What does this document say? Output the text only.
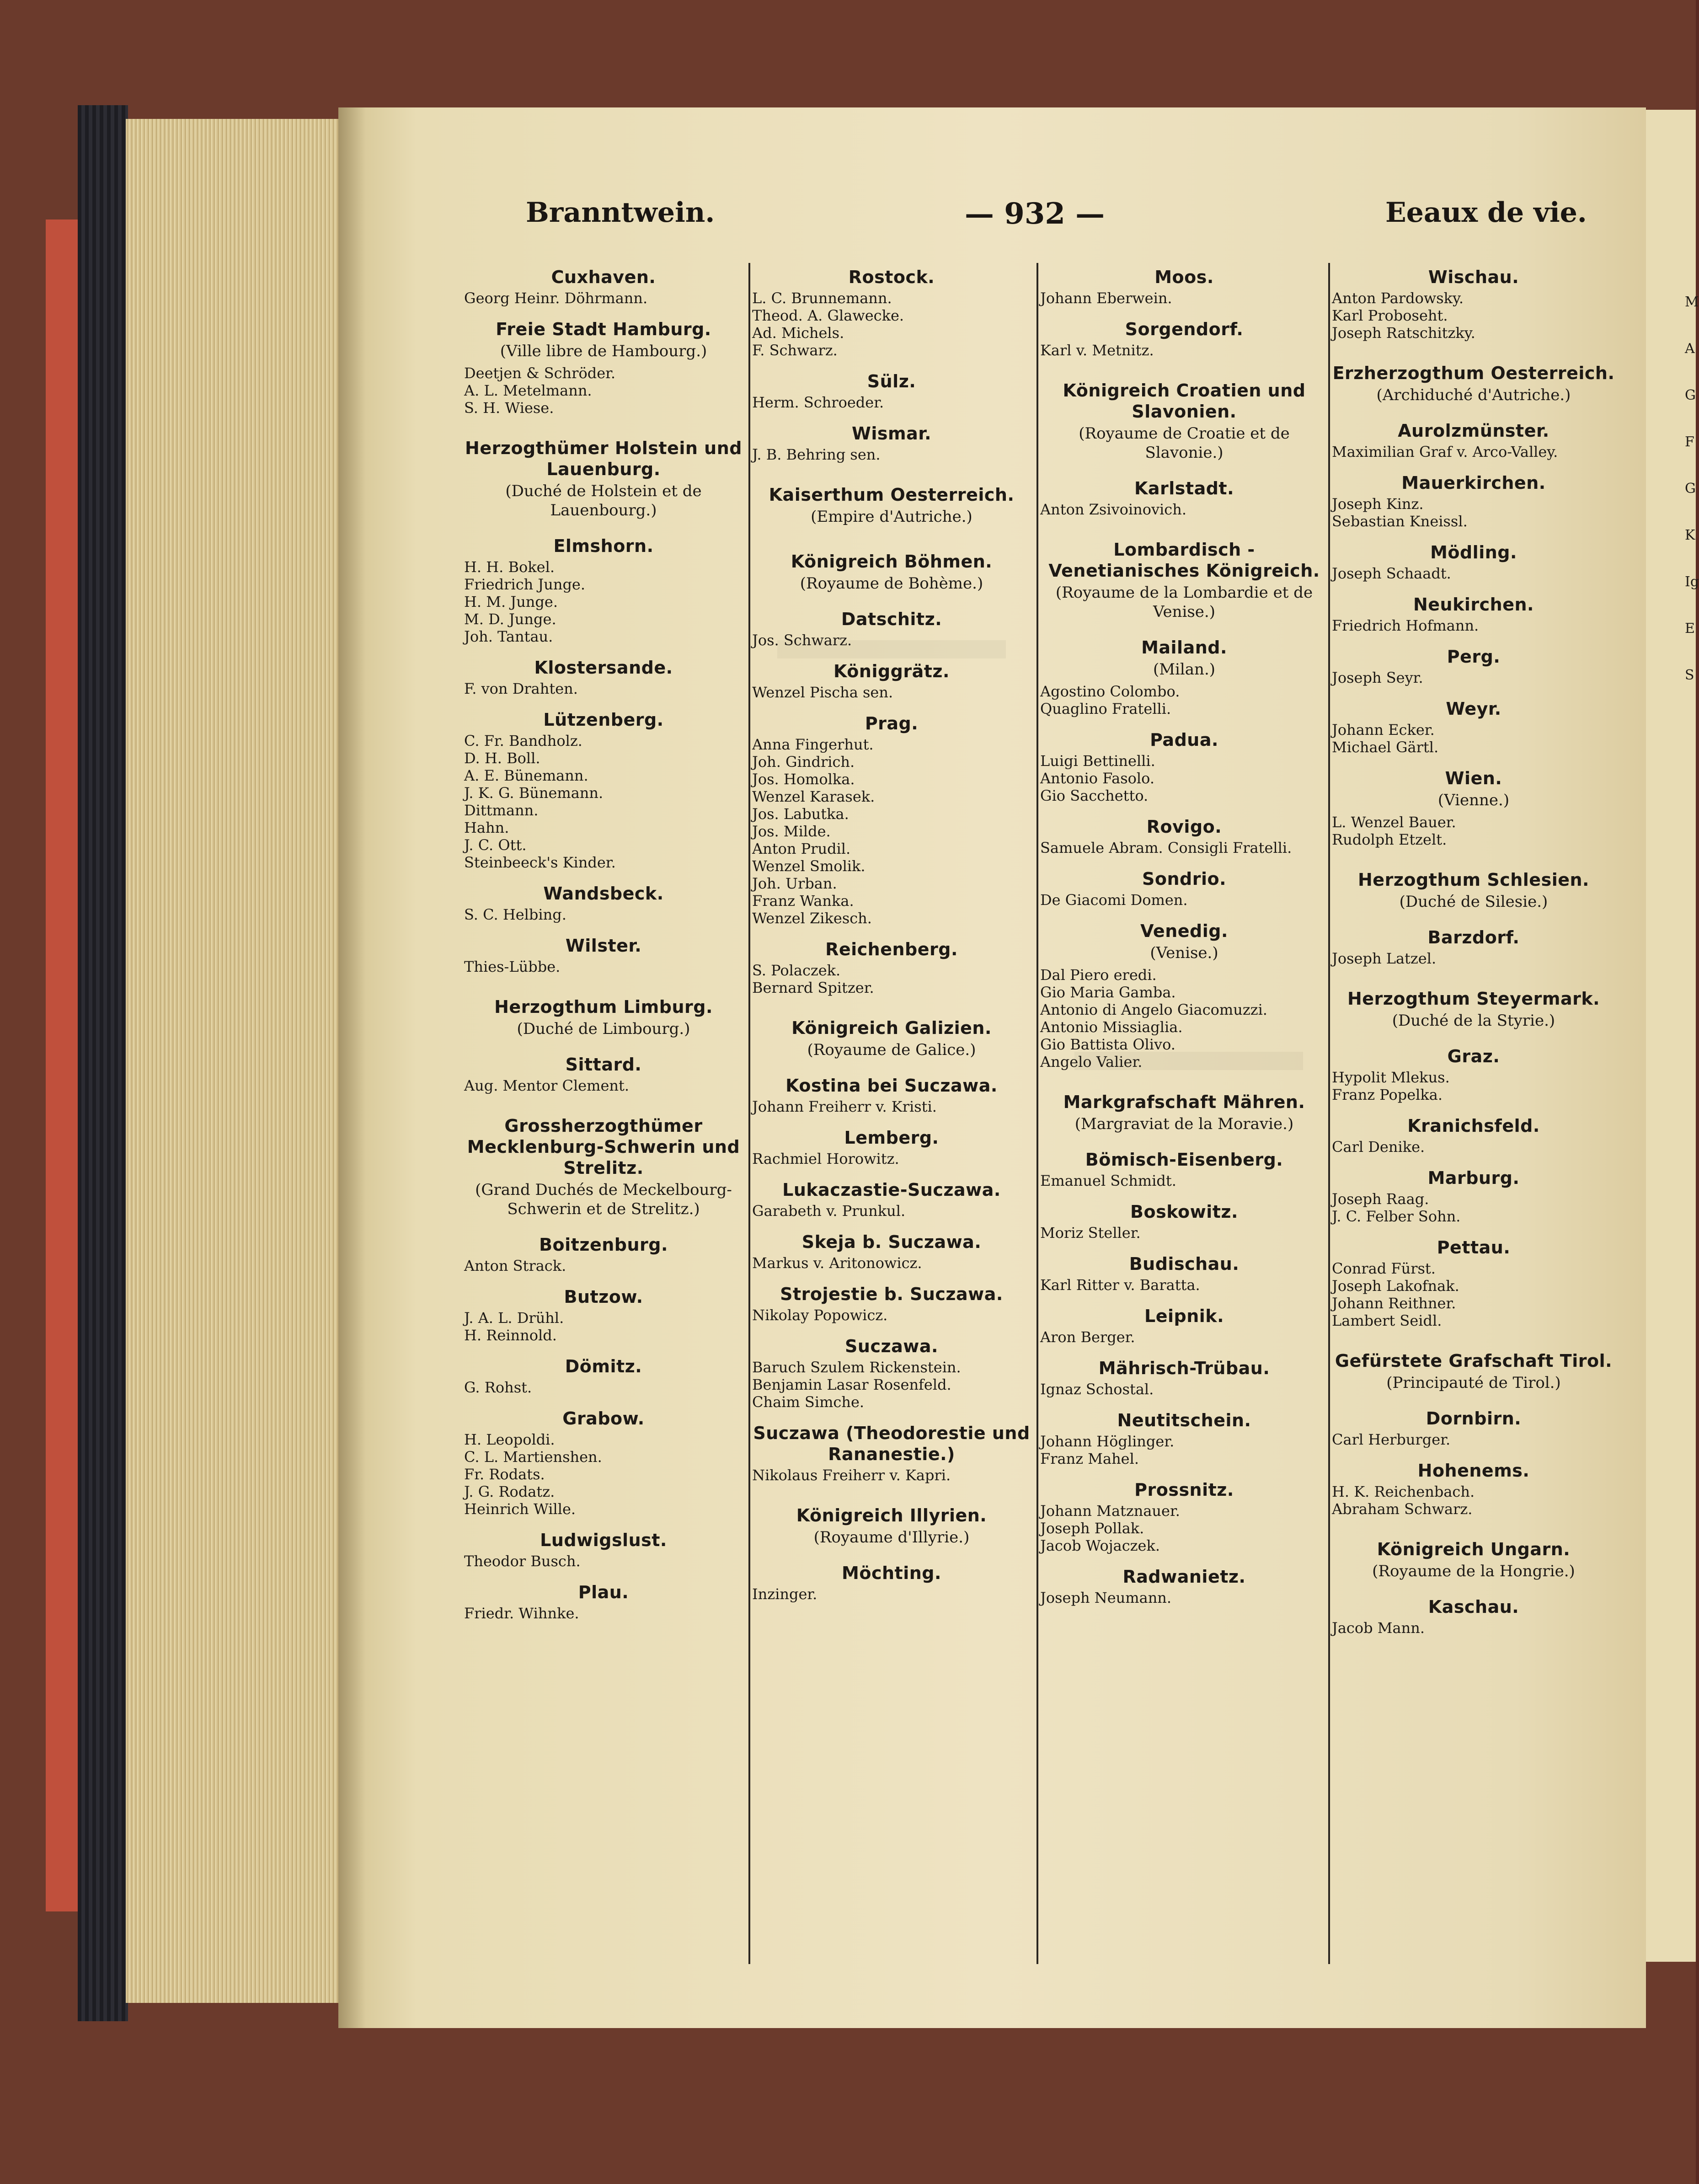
M
A
G
F
G
K
Ig
E
S
Branntwein.	— 932 —	Eeaux de vie.
Cuxhaven.
Georg Heinr. Döhrmann.
Freie Stadt Hamburg.
(Ville libre de Hambourg.)
Deetjen & Schröder.
A. L. Metelmann.
S. H. Wiese.
Herzogthümer Holstein und Lauenburg.
(Duché de Holstein et de Lauenbourg.)
Elmshorn.
H. H. Bokel.
Friedrich Junge.
H. M. Junge.
M. D. Junge.
Joh. Tantau.
Klostersande.
F. von Drahten.
Lützenberg.
C. Fr. Bandholz.
D. H. Boll.
A. E. Bünemann.
J. K. G. Bünemann.
Dittmann.
Hahn.
J. C. Ott.
Steinbeeck's Kinder.
Wandsbeck.
S. C. Helbing.
Wilster.
Thies-Lübbe.
Herzogthum Limburg.
(Duché de Limbourg.)
Sittard.
Aug. Mentor Clement.
Grossherzogthümer Mecklenburg-Schwerin und Strelitz.
(Grand Duchés de Meckelbourg-Schwerin et de Strelitz.)
Boitzenburg.
Anton Strack.
Butzow.
J. A. L. Drühl.
H. Reinnold.
Dömitz.
G. Rohst.
Grabow.
H. Leopoldi.
C. L. Martienshen.
Fr. Rodats.
J. G. Rodatz.
Heinrich Wille.
Ludwigslust.
Theodor Busch.
Plau.
Friedr. Wihnke.
Rostock.
L. C. Brunnemann.
Theod. A. Glawecke.
Ad. Michels.
F. Schwarz.
Sülz.
Herm. Schroeder.
Wismar.
J. B. Behring sen.
Kaiserthum Oesterreich.
(Empire d'Autriche.)
Königreich Böhmen.
(Royaume de Bohème.)
Datschitz.
Jos. Schwarz.
Königgrätz.
Wenzel Pischa sen.
Prag.
Anna Fingerhut.
Joh. Gindrich.
Jos. Homolka.
Wenzel Karasek.
Jos. Labutka.
Jos. Milde.
Anton Prudil.
Wenzel Smolik.
Joh. Urban.
Franz Wanka.
Wenzel Zikesch.
Reichenberg.
S. Polaczek.
Bernard Spitzer.
Königreich Galizien.
(Royaume de Galice.)
Kostina bei Suczawa.
Johann Freiherr v. Kristi.
Lemberg.
Rachmiel Horowitz.
Lukaczastie-Suczawa.
Garabeth v. Prunkul.
Skeja b. Suczawa.
Markus v. Aritonowicz.
Strojestie b. Suczawa.
Nikolay Popowicz.
Suczawa.
Baruch Szulem Rickenstein.
Benjamin Lasar Rosenfeld.
Chaim Simche.
Suczawa (Theodorestie und Rananestie.)
Nikolaus Freiherr v. Kapri.
Königreich Illyrien.
(Royaume d'Illyrie.)
Möchting.
Inzinger.
Moos.
Johann Eberwein.
Sorgendorf.
Karl v. Metnitz.
Königreich Croatien und Slavonien.
(Royaume de Croatie et de Slavonie.)
Karlstadt.
Anton Zsivoinovich.
Lombardisch - Venetianisches Königreich.
(Royaume de la Lombardie et de Venise.)
Mailand.
(Milan.)
Agostino Colombo.
Quaglino Fratelli.
Padua.
Luigi Bettinelli.
Antonio Fasolo.
Gio Sacchetto.
Rovigo.
Samuele Abram. Consigli Fratelli.
Sondrio.
De Giacomi Domen.
Venedig.
(Venise.)
Dal Piero eredi.
Gio Maria Gamba.
Antonio di Angelo Giacomuzzi.
Antonio Missiaglia.
Gio Battista Olivo.
Angelo Valier.
Markgrafschaft Mähren.
(Margraviat de la Moravie.)
Bömisch-Eisenberg.
Emanuel Schmidt.
Boskowitz.
Moriz Steller.
Budischau.
Karl Ritter v. Baratta.
Leipnik.
Aron Berger.
Mährisch-Trübau.
Ignaz Schostal.
Neutitschein.
Johann Höglinger.
Franz Mahel.
Prossnitz.
Johann Matznauer.
Joseph Pollak.
Jacob Wojaczek.
Radwanietz.
Joseph Neumann.
Wischau.
Anton Pardowsky.
Karl Proboseht.
Joseph Ratschitzky.
Erzherzogthum Oesterreich.
(Archiduché d'Autriche.)
Aurolzmünster.
Maximilian Graf v. Arco-Valley.
Mauerkirchen.
Joseph Kinz.
Sebastian Kneissl.
Mödling.
Joseph Schaadt.
Neukirchen.
Friedrich Hofmann.
Perg.
Joseph Seyr.
Weyr.
Johann Ecker.
Michael Gärtl.
Wien.
(Vienne.)
L. Wenzel Bauer.
Rudolph Etzelt.
Herzogthum Schlesien.
(Duché de Silesie.)
Barzdorf.
Joseph Latzel.
Herzogthum Steyermark.
(Duché de la Styrie.)
Graz.
Hypolit Mlekus.
Franz Popelka.
Kranichsfeld.
Carl Denike.
Marburg.
Joseph Raag.
J. C. Felber Sohn.
Pettau.
Conrad Fürst.
Joseph Lakofnak.
Johann Reithner.
Lambert Seidl.
Gefürstete Grafschaft Tirol.
(Principauté de Tirol.)
Dornbirn.
Carl Herburger.
Hohenems.
H. K. Reichenbach.
Abraham Schwarz.
Königreich Ungarn.
(Royaume de la Hongrie.)
Kaschau.
Jacob Mann.
